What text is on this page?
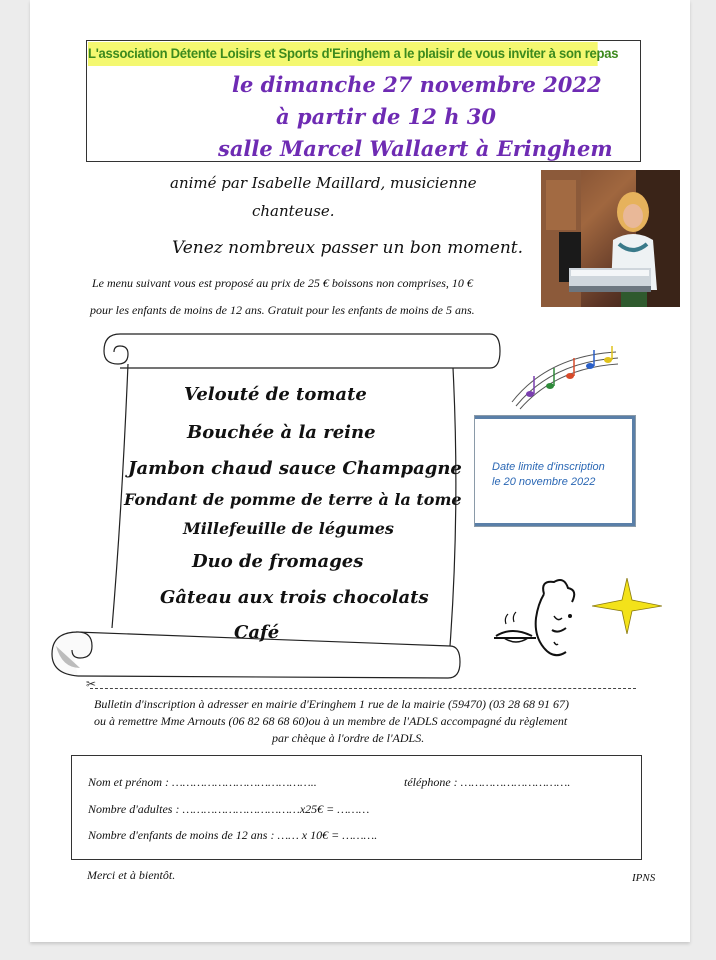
L'association Détente Loisirs et Sports d'Eringhem a le plaisir de vous inviter à son repas
le dimanche 27 novembre 2022
à partir de 12 h 30
salle Marcel Wallaert à Eringhem
animé par Isabelle Maillard, musicienne
chanteuse.
Venez nombreux passer un bon moment.
Le menu suivant vous est proposé au prix de 25 € boissons non comprises, 10 €
pour les enfants de moins de 12 ans. Gratuit pour les enfants de moins de 5 ans.
Velouté de tomate
Bouchée à la reine
Jambon chaud sauce Champagne
Fondant de pomme de terre à la tome
Millefeuille de légumes
Duo de fromages
Gâteau aux trois chocolats
Café
Date limite d'inscription
le 20 novembre 2022
✂
Bulletin d'inscription à adresser en mairie d'Eringhem 1 rue de la mairie (59470) (03 28 68 91 67)
ou à remettre Mme Arnouts (06 82 68 68 60)ou à un membre de l'ADLS accompagné du règlement
par chèque à l'ordre de l'ADLS.
Nom et prénom : …………………………………..	téléphone : ………………………….
Nombre d'adultes : ……………………………x25€ = ………
Nombre d'enfants de moins de 12 ans : …… x 10€ = ……….
Merci et à bientôt.	IPNS
